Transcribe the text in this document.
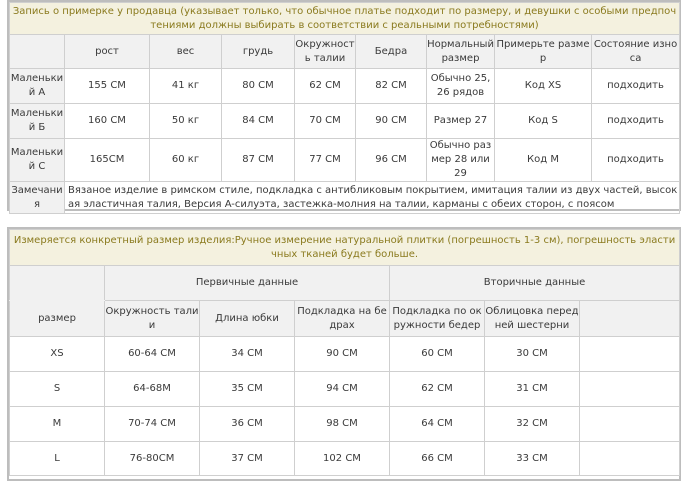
Запись о примерке у продавца (указывает только, что обычное платье подходит по размеру, и девушки с особыми предпочтениями должны выбирать в соответствии с реальными потребностями)								
	рост	вес	грудь	Окружность талии	Бедра	Нормальный размер	Примерьте размер	Состояние износа
Маленький А	155 СМ	41 кг	80 СМ	62 СМ	82 СМ	Обычно 25, 26 рядов	Код XS	подходить
Маленький Б	160 СМ	50 кг	84 СМ	70 СМ	90 СМ	Размер 27	Код S	подходить
Маленький С	165СМ	60 кг	87 СМ	77 СМ	96 СМ	Обычно размер 28 или 29	Код M	подходить
Замечания	Вязаное изделие в римском стиле, подкладка с антибликовым покрытием, имитация талии из двух частей, высокая эластичная талия, Версия A-силуэта, застежка-молния на талии, карманы с обеих сторон, с поясом							
Измеряется конкретный размер изделия:Ручное измерение натуральной плитки (погрешность 1-3 см), погрешность эластичных тканей будет больше.						
	Первичные данные			Вторичные данные		
размер	Окружность талии	Длина юбки	Подкладка на бедрах	Подкладка по окружности бедер	Облицовка передней шестерни	
XS	60-64 СМ	34 СМ	90 СМ	60 СМ	30 СМ	
S	64-68М	35 СМ	94 СМ	62 СМ	31 СМ	
M	70-74 СМ	36 СМ	98 СМ	64 СМ	32 СМ	
L	76-80СМ	37 СМ	102 СМ	66 СМ	33 СМ	
